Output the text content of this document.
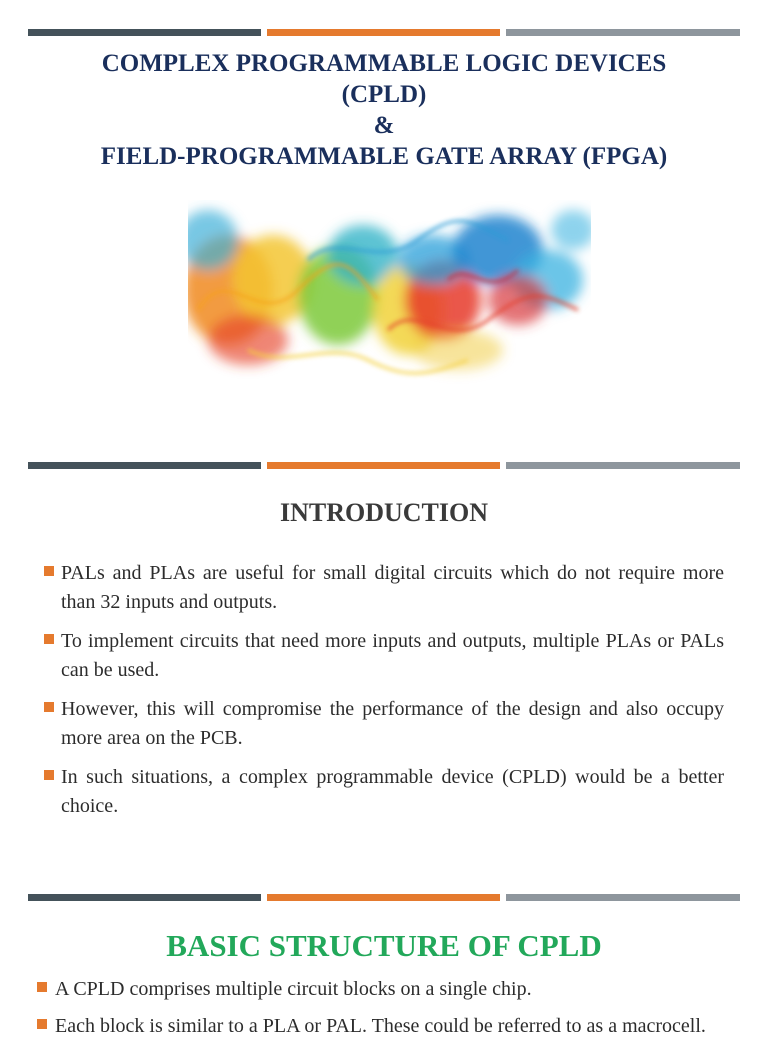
COMPLEX PROGRAMMABLE LOGIC DEVICES
(CPLD)
&
FIELD-PROGRAMMABLE GATE ARRAY (FPGA)
INTRODUCTION
PALs and PLAs are useful for small digital circuits which do not require more than 32 inputs and outputs.
To implement circuits that need more inputs and outputs, multiple PLAs or PALs can be used.
However, this will compromise the performance of the design and also occupy more area on the PCB.
In such situations, a complex programmable device (CPLD) would be a better choice.
BASIC STRUCTURE OF CPLD
A CPLD comprises multiple circuit blocks on a single chip.
Each block is similar to a PLA or PAL. These could be referred to as a macrocell.
